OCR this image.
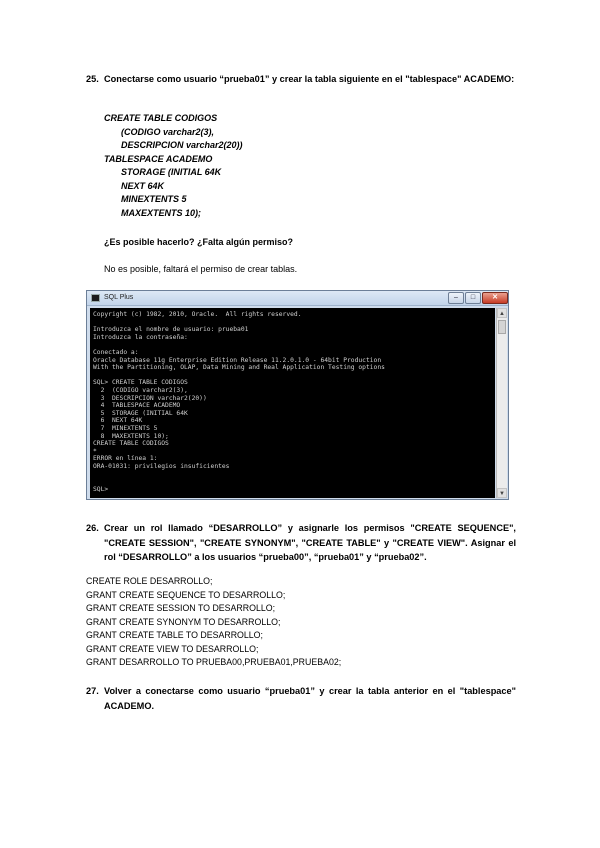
25. Conectarse como usuario “prueba01” y crear la tabla siguiente en el "tablespace" ACADEMO:
CREATE TABLE CODIGOS
(CODIGO varchar2(3),
DESCRIPCION varchar2(20))
TABLESPACE ACADEMO
STORAGE (INITIAL 64K
NEXT 64K
MINEXTENTS 5
MAXEXTENTS 10);
¿Es posible hacerlo? ¿Falta algún permiso?
No es posible, faltará el permiso de crear tablas.
SQL Plus	–	□	✕
Copyright (c) 1982, 2010, Oracle.  All rights reserved.

Introduzca el nombre de usuario: prueba01
Introduzca la contraseña:

Conectado a:
Oracle Database 11g Enterprise Edition Release 11.2.0.1.0 - 64bit Production
With the Partitioning, OLAP, Data Mining and Real Application Testing options

SQL> CREATE TABLE CODIGOS
2  (CODIGO varchar2(3),
3  DESCRIPCION varchar2(20))
4  TABLESPACE ACADEMO
5  STORAGE (INITIAL 64K
6  NEXT 64K
7  MINEXTENTS 5
8  MAXEXTENTS 10);
CREATE TABLE CODIGOS
*
ERROR en línea 1:
ORA-01031: privilegios insuficientes

SQL>
▲
▼
26. Crear un rol llamado “DESARROLLO” y asignarle los permisos "CREATE SEQUENCE", "CREATE SESSION", "CREATE SYNONYM", "CREATE TABLE" y "CREATE VIEW". Asignar el rol “DESARROLLO” a los usuarios “prueba00”, “prueba01” y “prueba02”.
CREATE ROLE DESARROLLO;
GRANT CREATE SEQUENCE TO DESARROLLO;
GRANT CREATE SESSION TO DESARROLLO;
GRANT CREATE SYNONYM TO DESARROLLO;
GRANT CREATE TABLE TO DESARROLLO;
GRANT CREATE VIEW TO DESARROLLO;
GRANT DESARROLLO TO PRUEBA00,PRUEBA01,PRUEBA02;
27. Volver a conectarse como usuario “prueba01” y crear la tabla anterior en el "tablespace" ACADEMO.
